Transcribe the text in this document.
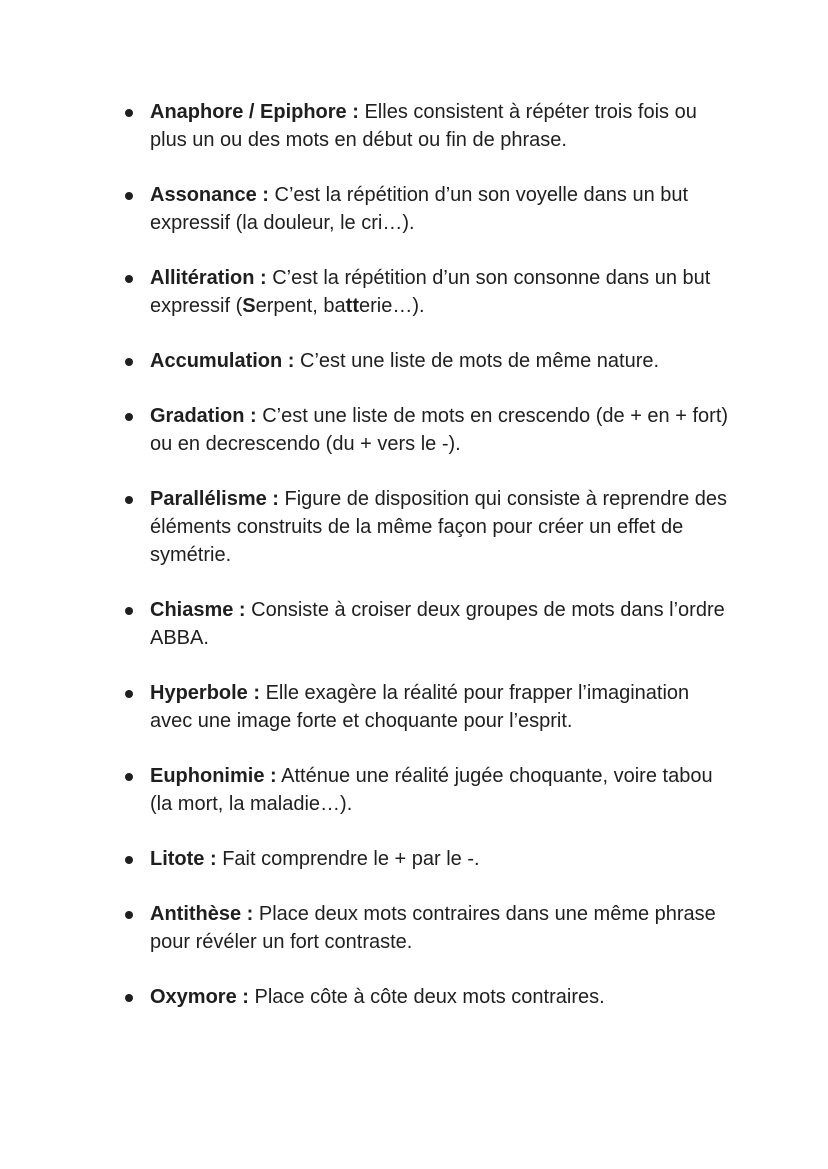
Anaphore / Epiphore : Elles consistent à répéter trois fois ou plus un ou des mots en début ou fin de phrase.
Assonance : C’est la répétition d’un son voyelle dans un but expressif (la douleur, le cri…).
Allitération : C’est la répétition d’un son consonne dans un but expressif (Serpent, batterie…).
Accumulation : C’est une liste de mots de même nature.
Gradation : C’est une liste de mots en crescendo (de + en + fort) ou en decrescendo (du + vers le -).
Parallélisme : Figure de disposition qui consiste à reprendre des éléments construits de la même façon pour créer un effet de symétrie.
Chiasme : Consiste à croiser deux groupes de mots dans l’ordre ABBA.
Hyperbole : Elle exagère la réalité pour frapper l’imagination avec une image forte et choquante pour l’esprit.
Euphonimie : Atténue une réalité jugée choquante, voire tabou (la mort, la maladie…).
Litote : Fait comprendre le + par le -.
Antithèse : Place deux mots contraires dans une même phrase pour révéler un fort contraste.
Oxymore : Place côte à côte deux mots contraires.
